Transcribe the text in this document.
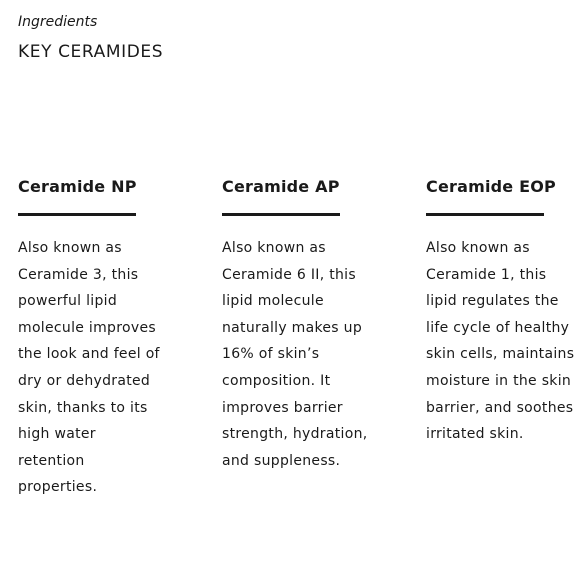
Ingredients
KEY CERAMIDES
Ceramide NP
Also known as
Ceramide 3, this
powerful lipid
molecule improves
the look and feel of
dry or dehydrated
skin, thanks to its
high water
retention
properties.
Ceramide AP
Also known as
Ceramide 6 II, this
lipid molecule
naturally makes up
16% of skin’s
composition. It
improves barrier
strength, hydration,
and suppleness.
Ceramide EOP
Also known as
Ceramide 1, this
lipid regulates the
life cycle of healthy
skin cells, maintains
moisture in the skin
barrier, and soothes
irritated skin.
